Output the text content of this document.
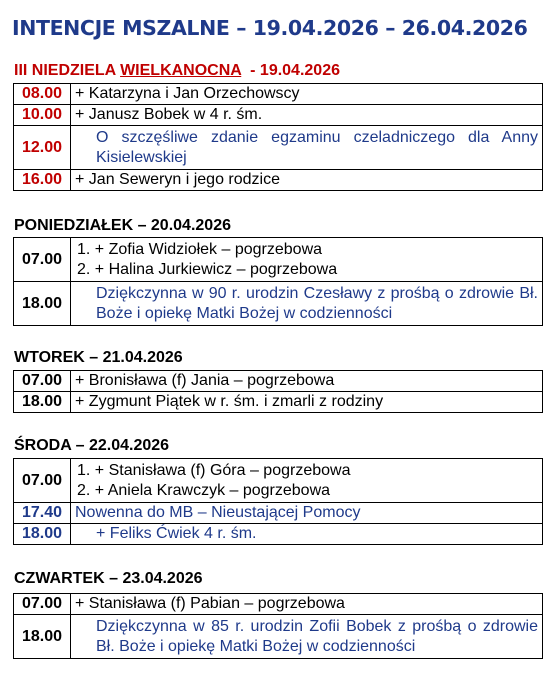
INTENCJE MSZALNE – 19.04.2026 – 26.04.2026
III NIEDZIELA WIELKANOCNA  - 19.04.2026
08.00	+ Katarzyna i Jan Orzechowscy
10.00	+ Janusz Bobek w 4 r. śm.
12.00	O szczęśliwe zdanie egzaminu czeladniczego dla Anny Kisielewskiej
16.00	+ Jan Seweryn i jego rodzice
PONIEDZIAŁEK – 20.04.2026
07.00	1. + Zofia Widziołek – pogrzebowa
2. + Halina Jurkiewicz – pogrzebowa

18.00	Dziękczynna w 90 r. urodzin Czesławy z prośbą o zdrowie Bł. Boże i opiekę Matki Bożej w codzienności
WTOREK – 21.04.2026
07.00	+ Bronisława (f) Jania – pogrzebowa
18.00	+ Zygmunt Piątek w r. śm. i zmarli z rodziny
ŚRODA – 22.04.2026
07.00	1. + Stanisława (f) Góra – pogrzebowa
2. + Aniela Krawczyk – pogrzebowa

17.40	Nowenna do MB – Nieustającej Pomocy
18.00	+ Feliks Ćwiek 4 r. śm.
CZWARTEK – 23.04.2026
07.00	+ Stanisława (f) Pabian – pogrzebowa
18.00	Dziękczynna w 85 r. urodzin Zofii Bobek z prośbą o zdrowie Bł. Boże i opiekę Matki Bożej w codzienności
